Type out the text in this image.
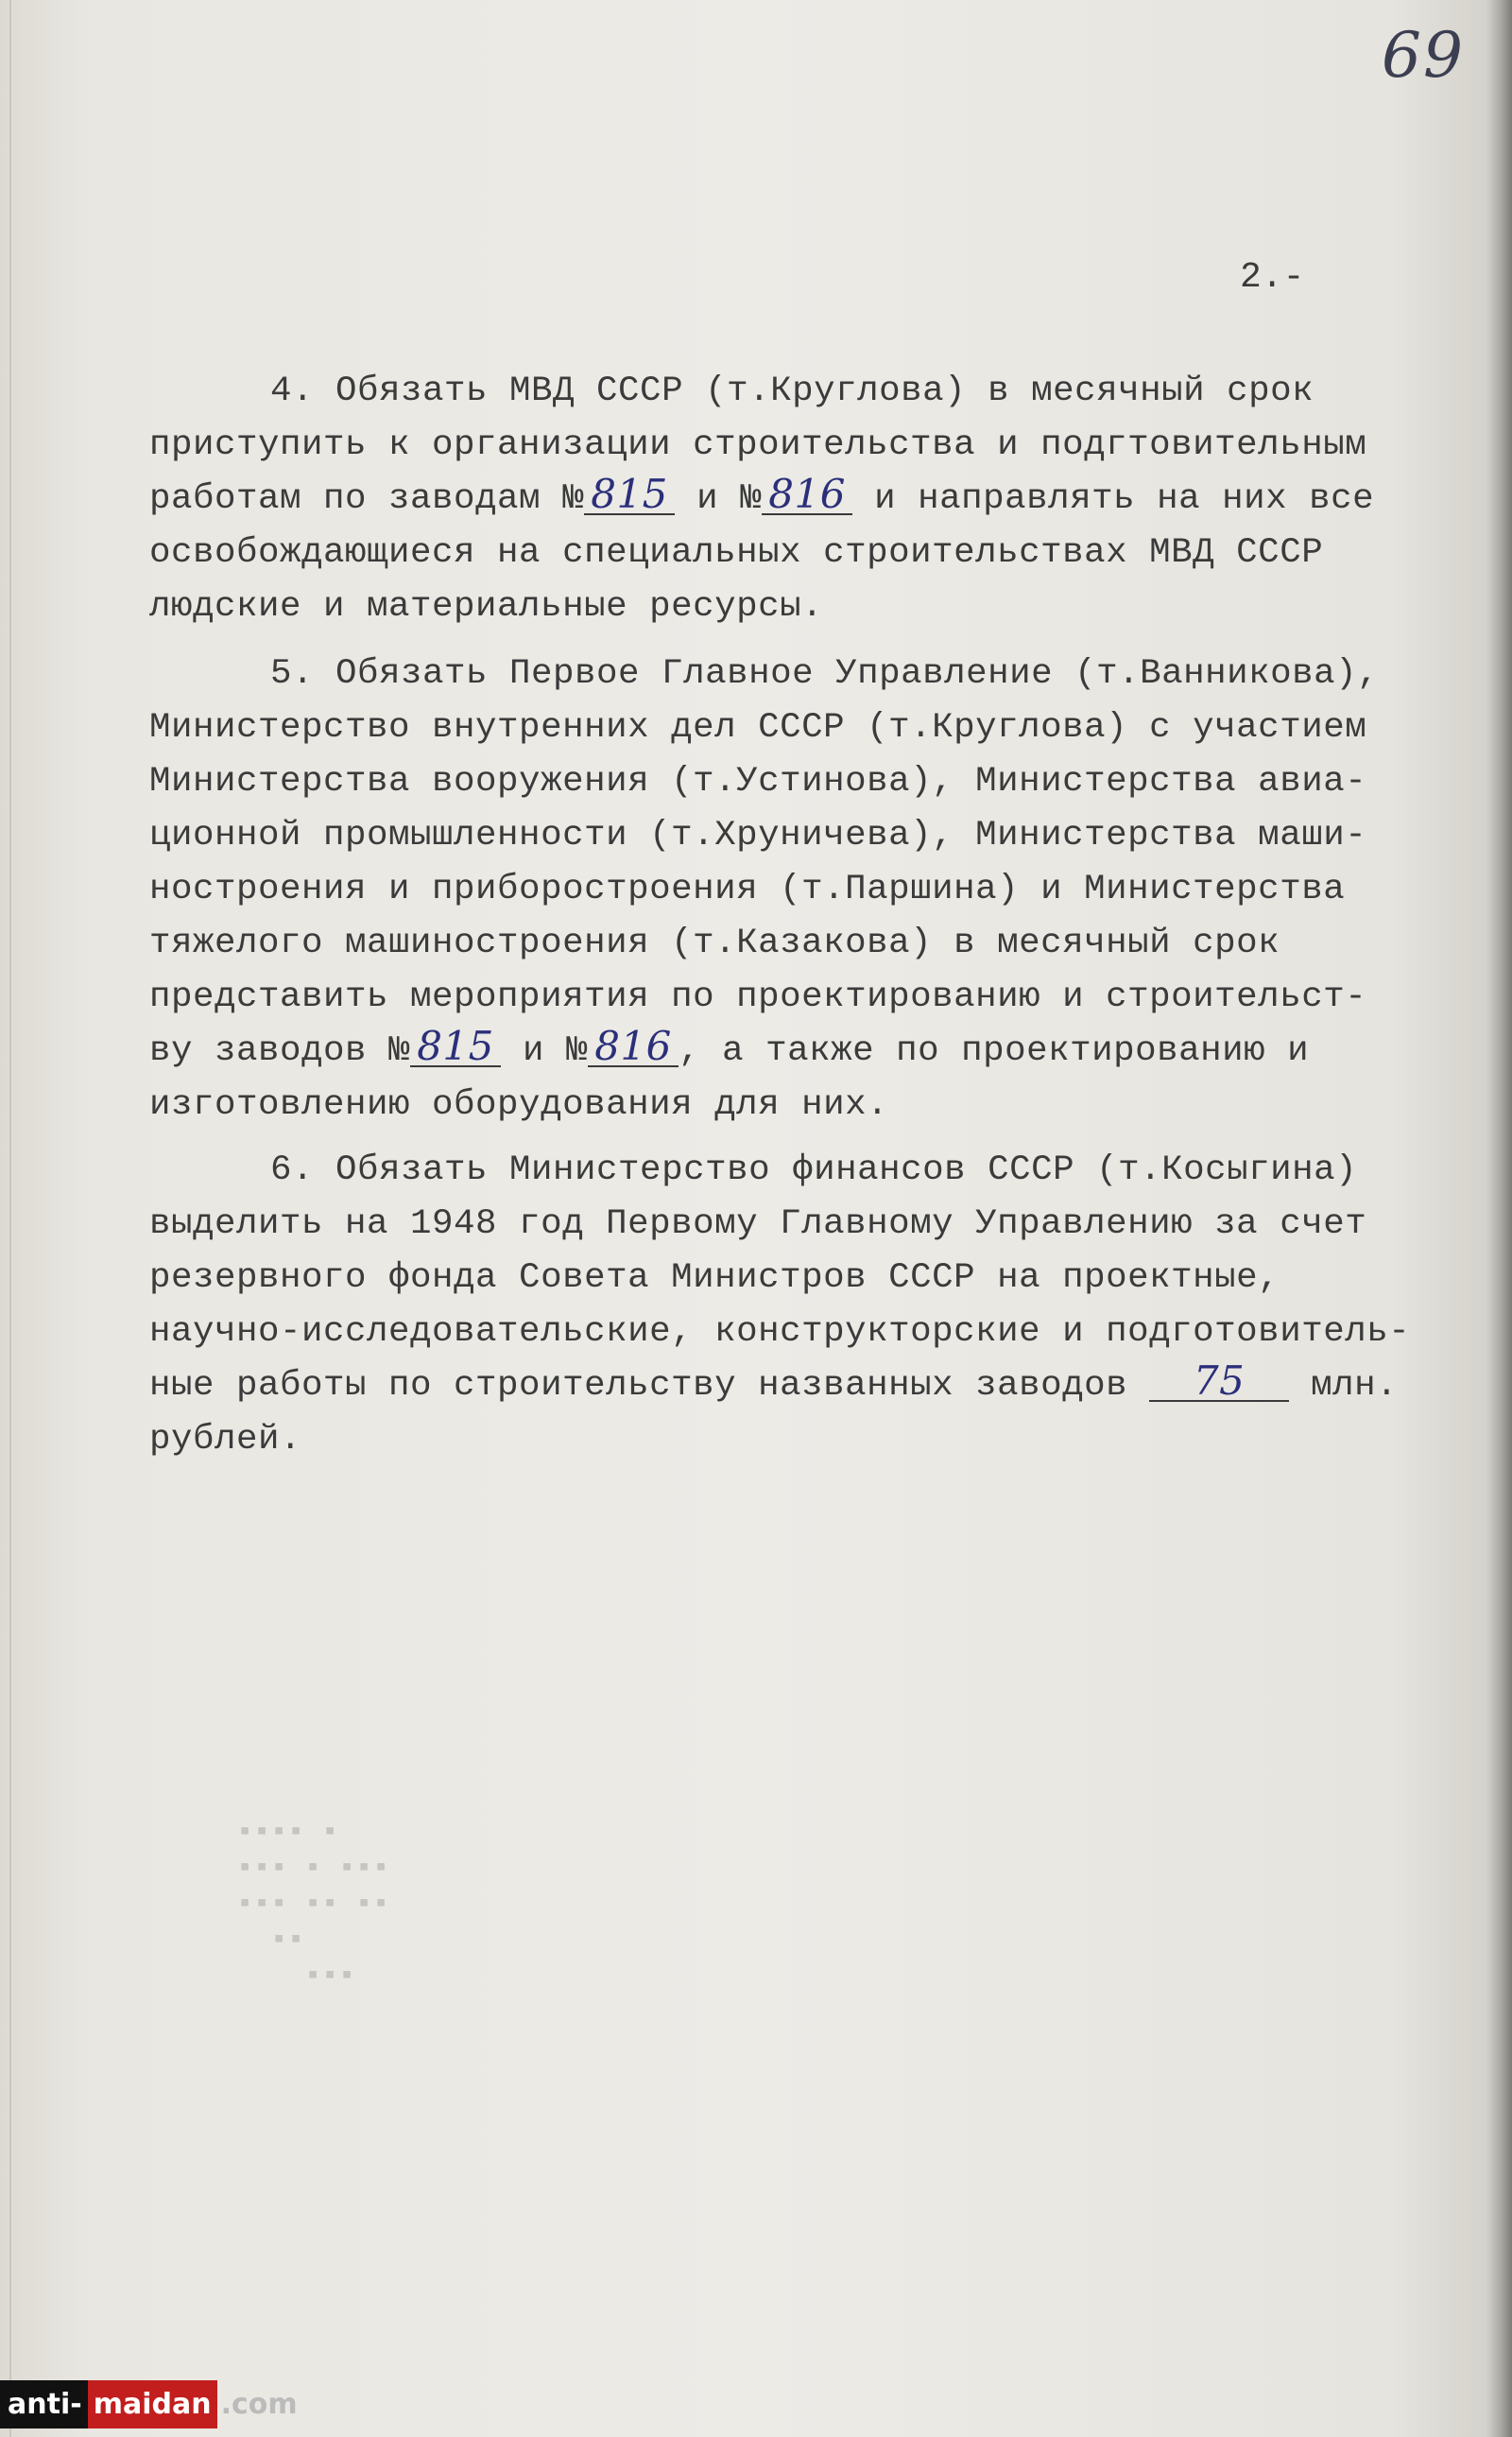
69
2.-
4. Обязать МВД СССР (т.Круглова) в месячный срок
приступить к организации строительства и подгтовительным
работам по заводам № 815 и № 816 и направлять на них все
освобождающиеся на специальных строительствах МВД СССР
людские и материальные ресурсы.
5. Обязать Первое Главное Управление (т.Ванникова),
Министерство внутренних дел СССР (т.Круглова) с участием
Министерства вооружения (т.Устинова), Министерства авиа-
ционной промышленности (т.Хруничева), Министерства маши-
ностроения и приборостроения (т.Паршина) и Министерства
тяжелого машиностроения (т.Казакова) в месячный срок
представить мероприятия по проектированию и строительст-
ву заводов № 815 и № 816 , а также по проектированию и
изготовлению оборудования для них.
6. Обязать Министерство финансов СССР (т.Косыгина)
выделить на 1948 год Первому Главному Управлению за счет
резервного фонда Совета Министров СССР на проектные,
научно-исследовательские, конструкторские и подготовитель-
ные работы по строительству названных заводов 75 млн.
рублей.
▪ ▪▪▪▪
▪▪▪ ▪ ▪▪▪
▪▪ ▪▪ ▪▪▪
▪▪
▪▪▪
anti- maidan .com
